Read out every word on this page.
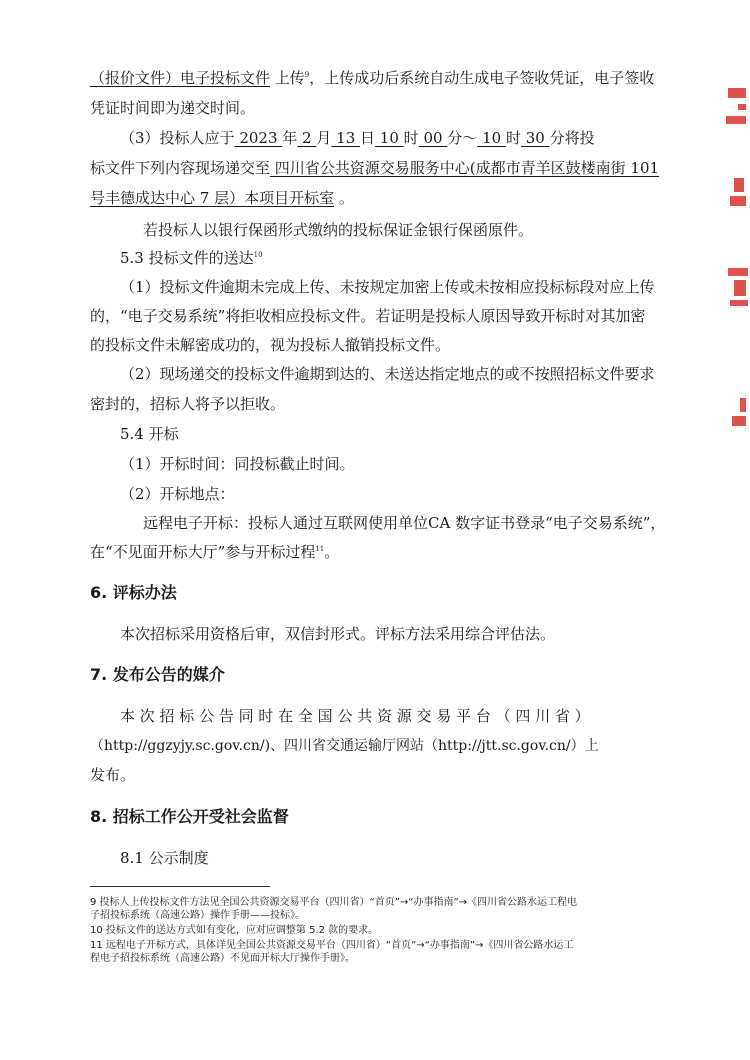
（报价文件）电子投标文件 上传$^9$，上传成功后系统自动生成电子签收凭证，电子签收
凭证时间即为递交时间。
（3）投标人应于 2023 年 2 月 13 日 10 时 00 分～ 10 时 30 分将投
标文件下列内容现场递交至 四川省公共资源交易服务中心(成都市青羊区鼓楼南街 101
号丰德成达中心 7 层）本项目开标室 。
若投标人以银行保函形式缴纳的投标保证金银行保函原件。
5.3 投标文件的送达$^{10}$
（1）投标文件逾期未完成上传、未按规定加密上传或未按相应投标标段对应上传
的，“电子交易系统”将拒收相应投标文件。若证明是投标人原因导致开标时对其加密
的投标文件未解密成功的，视为投标人撤销投标文件。
（2）现场递交的投标文件逾期到达的、未送达指定地点的或不按照招标文件要求
密封的，招标人将予以拒收。
5.4 开标
（1）开标时间：同投标截止时间。
（2）开标地点：
远程电子开标：投标人通过互联网使用单位CA 数字证书登录“电子交易系统”，
在“不见面开标大厅”参与开标过程$^{11}$。
6. 评标办法
本次招标采用资格后审，双信封形式。评标方法采用综合评估法。
7. 发布公告的媒介
本 次 招 标 公 告 同 时 在 全 国 公 共 资 源 交 易 平 台 （ 四 川 省 ）
（http://ggzyjy.sc.gov.cn/)、四川省交通运输厅网站（http://jtt.sc.gov.cn/）上
发布。
8. 招标工作公开受社会监督
8.1 公示制度
9 投标人上传投标文件方法见全国公共资源交易平台（四川省）“首页”→“办事指南”→《四川省公路水运工程电
子招投标系统（高速公路）操作手册——投标》。
10 投标文件的送达方式如有变化，应对应调整第 5.2 款的要求。
11 远程电子开标方式，具体详见全国公共资源交易平台（四川省）“首页”→“办事指南”→《四川省公路水运工
程电子招投标系统（高速公路）不见面开标大厅操作手册》。
